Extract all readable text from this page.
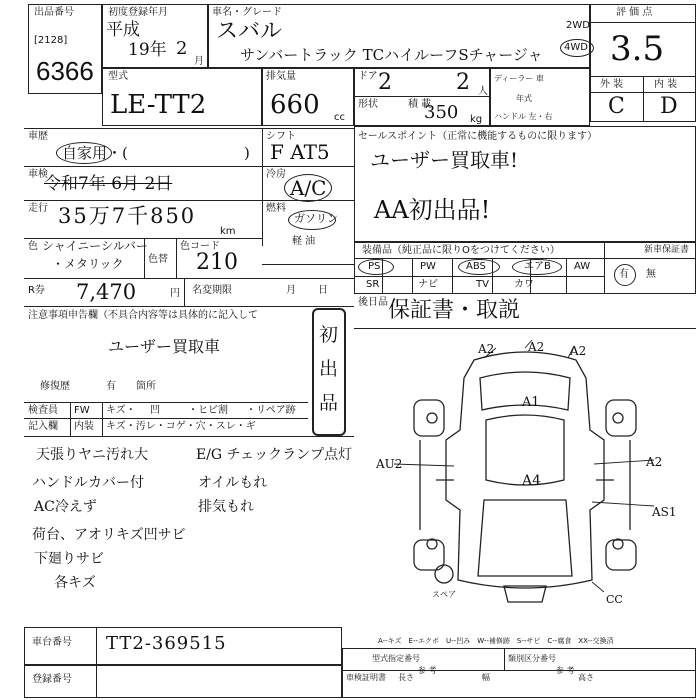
出品番号
[2128]
6366
初度登録年月
平成
19年 2
月
車名・グレード
スバル
サンバートラック TCハイルーフSチャージャ
2WD
4WD
評 価 点
3.5
外 装	内 装
C D
型式
LE-TT2
排気量
660 cc
ドア 2	2 人
形状	積 載
350 kg
ディーラー 車
年式
ハンドル 左・右
車歴
自家用・(	)
シフト
F AT5
車検
令和7年 6月 2日	冷房
A/C
走行 35万7千850
km
燃料
ガソリン
軽 油
色 シャイニーシルバー
・メタリック 色替
色コード
210
R券 7,470	円 名変期限	月 日
注意事項申告欄（不具合内容等は具体的に記入して
ユーザー買取車
修復歴	有 箇所
初出品
検査員 FW キズ・ 凹	・ヒビ割 ・リペア跡
記入欄 内装 キズ・汚レ・コゲ・穴・スレ・ギ
天張りヤニ汚れ大
ハンドルカバー付
AC冷えず
荷台、アオリキズ凹サビ
下廻りサビ
各キズ
E/G チェックランプ点灯
オイルもれ
排気もれ
セールスポイント（正常に機能するものに限ります）
ユーザー買取車!
AA初出品!
装備品（純正品に限りOをつけてください）	新車保証書
PS	PW	ABS	エアB AW
SR	ナビ	TV	カワ
有 無
後日品 保証書・取説
A2	A2 A2
A1
AU2
A4
A2
AS1
CC
スペア
A--キズ　E--エクボ　U--凹み　W--補修跡　S--サビ　C--腐食　XX--交換済
車台番号 TT2-369515
登録番号
型式指定番号
参 考
類別区分番号
参 考
車検証明書 長さ	幅	高さ
